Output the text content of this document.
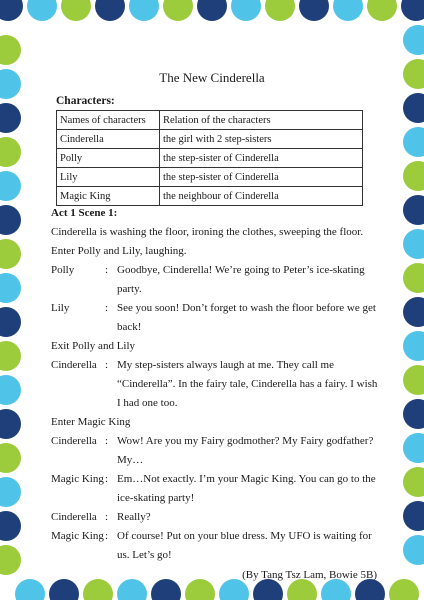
The New Cinderella
Characters:
Names of characters	Relation of the characters
Cinderella	the girl with 2 step-sisters
Polly	the step-sister of Cinderella
Lily	the step-sister of Cinderella
Magic King	the neighbour of Cinderella
Act 1 Scene 1:
Cinderella is washing the floor, ironing the clothes, sweeping the floor.
Enter Polly and Lily, laughing.
Polly	: Goodbye, Cinderella! We’re going to Peter’s ice-skating party.
Lily	: See you soon! Don’t forget to wash the floor before we get back!
Exit Polly and Lily
Cinderella : My step-sisters always laugh at me. They call me “Cinderella”. In the fairy tale, Cinderella has a fairy. I wish I had one too.
Enter Magic King
Cinderella : Wow! Are you my Fairy godmother? My Fairy godfather? My…
Magic King : Em…Not exactly. I’m your Magic King. You can go to the ice-skating party!
Cinderella : Really?
Magic King : Of course! Put on your blue dress. My UFO is waiting for us. Let’s go!
(By Tang Tsz Lam, Bowie 5B)
